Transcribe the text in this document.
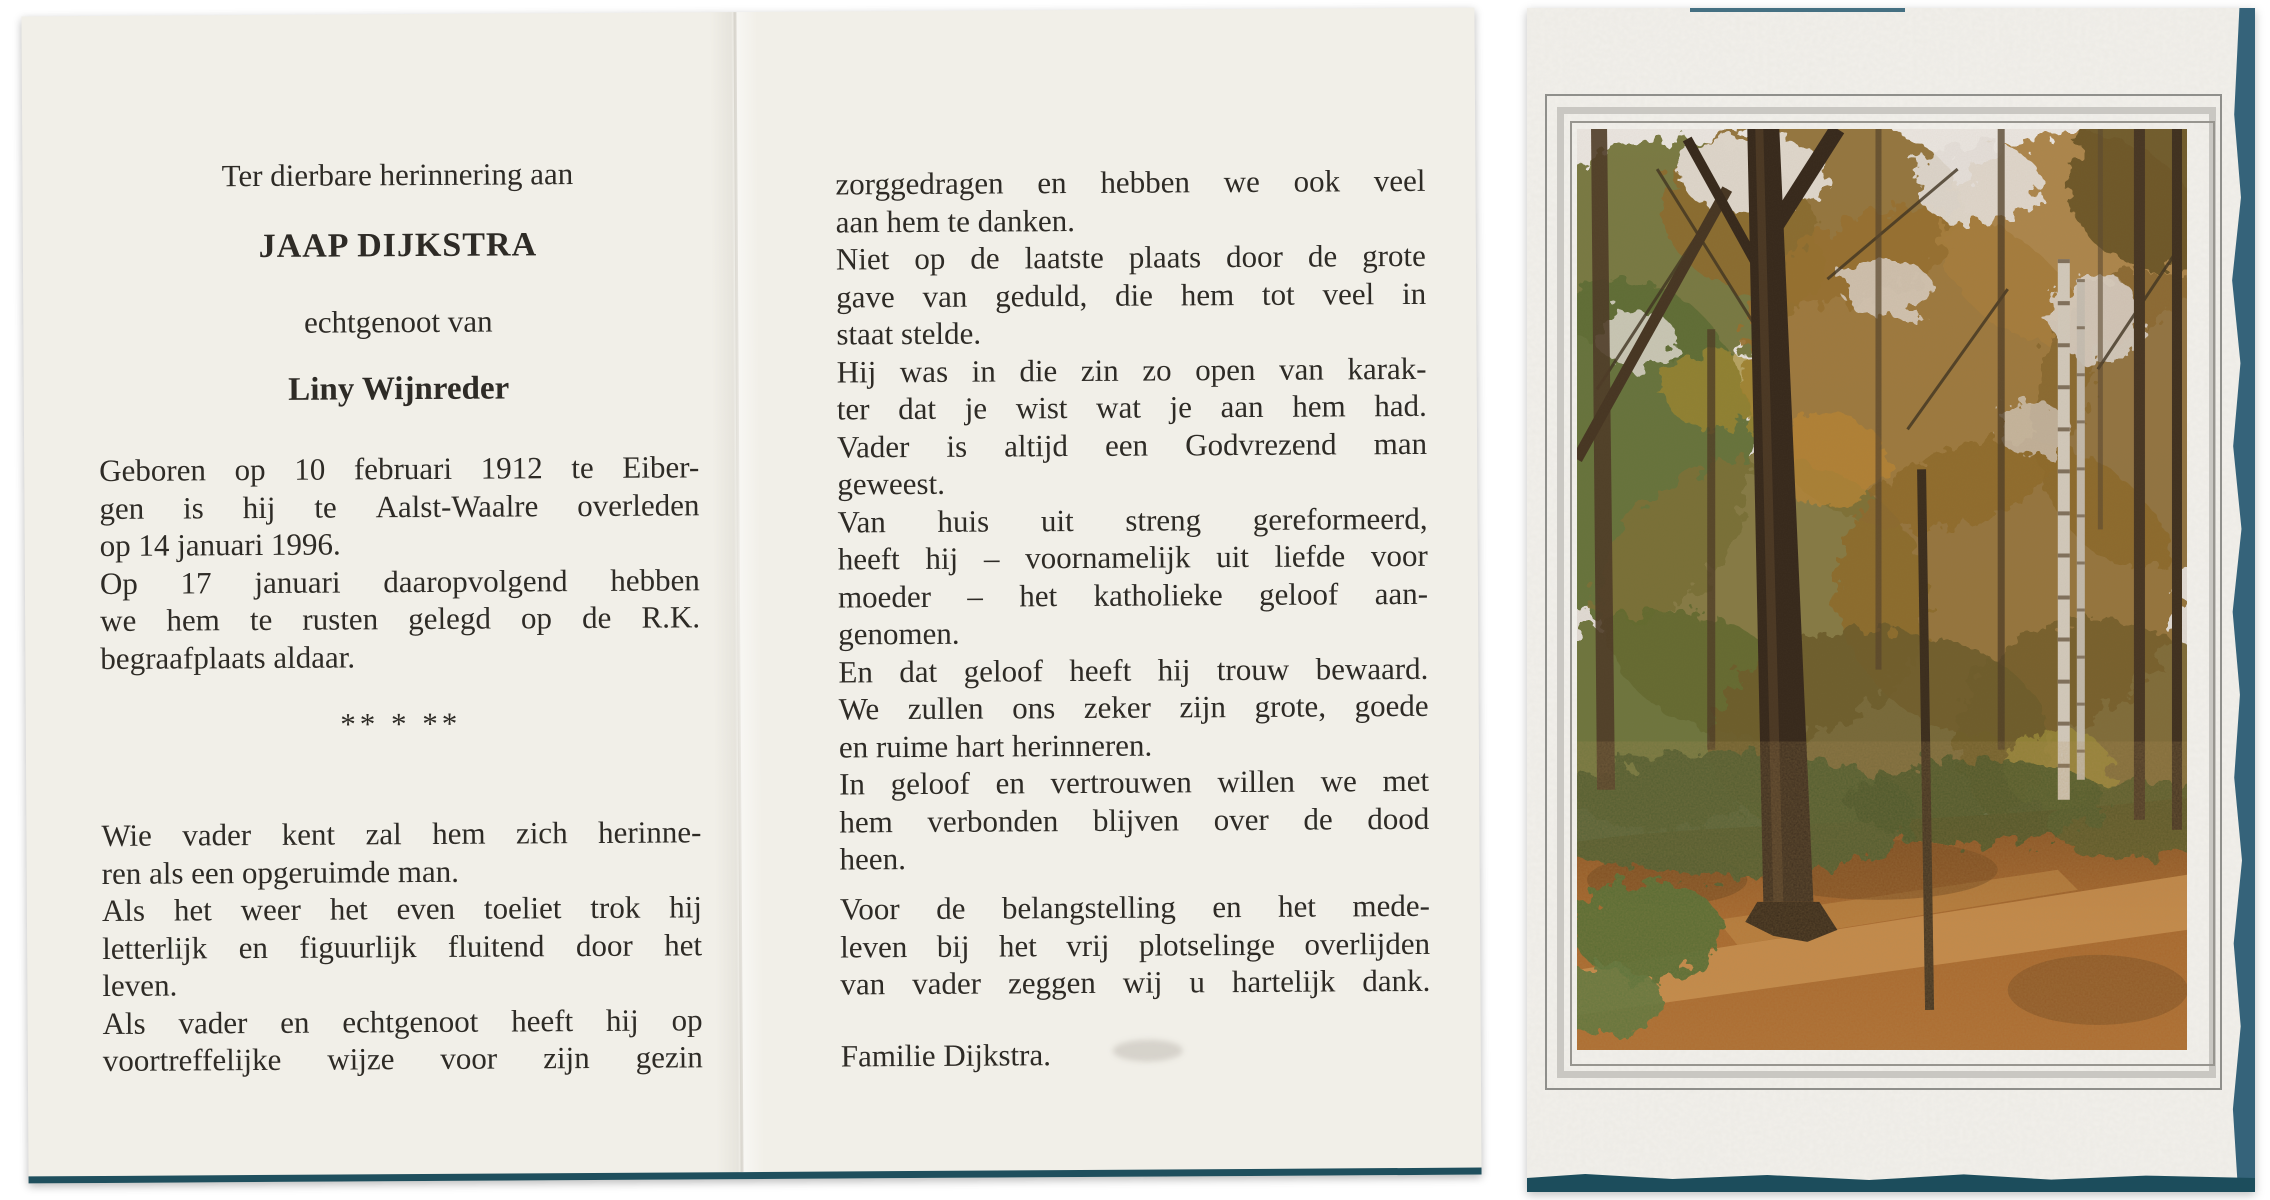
Ter dierbare herinnering aan
JAAP DIJKSTRA
echtgenoot van
Liny Wijnreder
Geboren op 10 februari 1912 te Eiber-
gen is hij te Aalst-Waalre overleden
op 14 januari 1996.
Op 17 januari daaropvolgend hebben
we hem te rusten gelegd op de R.K.
begraafplaats aldaar.
** * **
Wie vader kent zal hem zich herinne-
ren als een opgeruimde man.
Als het weer het even toeliet trok hij
letterlijk en figuurlijk fluitend door het
leven.
Als vader en echtgenoot heeft hij op
voortreffelijke wijze voor zijn gezin
zorggedragen en hebben we ook veel
aan hem te danken.
Niet op de laatste plaats door de grote
gave van geduld, die hem tot veel in
staat stelde.
Hij was in die zin zo open van karak-
ter dat je wist wat je aan hem had.
Vader is altijd een Godvrezend man
geweest.
Van huis uit streng gereformeerd,
heeft hij – voornamelijk uit liefde voor
moeder – het katholieke geloof aan-
genomen.
En dat geloof heeft hij trouw bewaard.
We zullen ons zeker zijn grote, goede
en ruime hart herinneren.
In geloof en vertrouwen willen we met
hem verbonden blijven over de dood
heen.
Voor de belangstelling en het mede-
leven bij het vrij plotselinge overlijden
van vader zeggen wij u hartelijk dank.
Familie Dijkstra.
